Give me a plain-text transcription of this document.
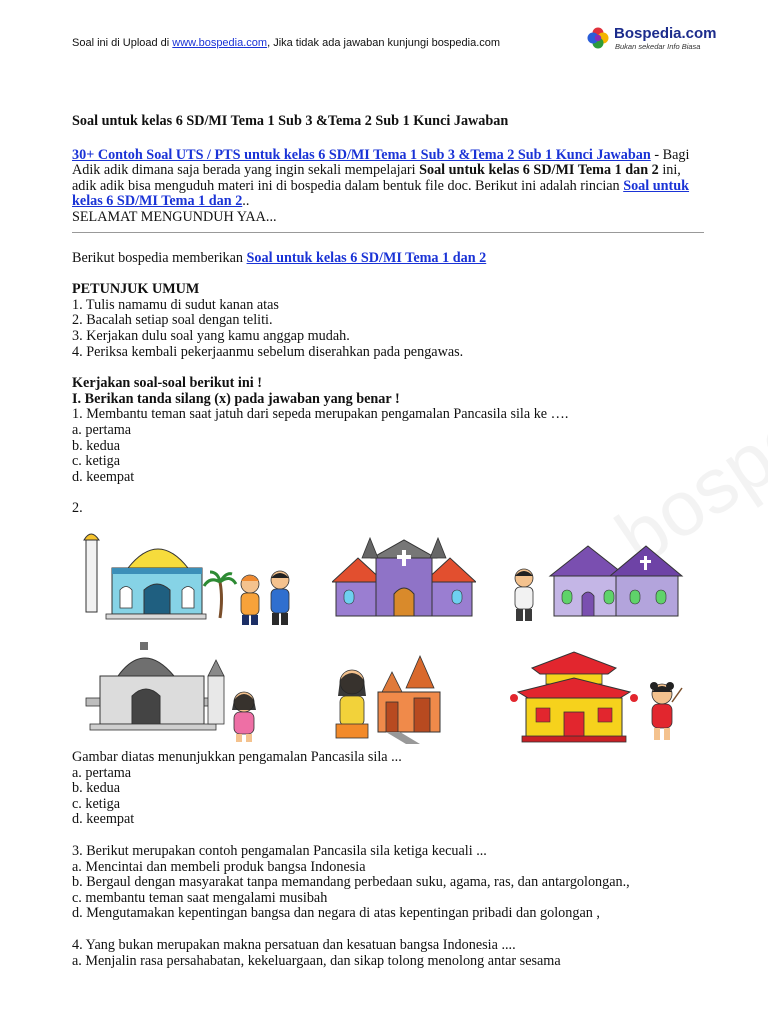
Soal ini di Upload di www.bospedia.com, Jika tidak ada jawaban kunjungi bospedia.com
Bospedia.com
Bukan sekedar Info Biasa

Soal untuk kelas 6 SD/MI Tema 1 Sub 3 &Tema 2 Sub 1 Kunci Jawaban

30+ Contoh Soal UTS / PTS untuk kelas 6 SD/MI Tema 1 Sub 3 &Tema 2 Sub 1 Kunci Jawaban - Bagi Adik adik dimana saja berada yang ingin sekali mempelajari Soal untuk kelas 6 SD/MI Tema 1 dan 2 ini, adik adik bisa menguduh materi ini di bospedia dalam bentuk file doc. Berikut ini adalah rincian Soal untuk kelas 6 SD/MI Tema 1 dan 2..

SELAMAT MENGUNDUH YAA...

Berikut bospedia memberikan Soal untuk kelas 6 SD/MI Tema 1 dan 2

PETUNJUK UMUM

1. Tulis namamu di sudut kanan atas

2. Bacalah setiap soal dengan teliti.

3. Kerjakan dulu soal yang kamu anggap mudah.

4. Periksa kembali pekerjaanmu sebelum diserahkan pada pengawas.

Kerjakan soal-soal berikut ini !

I. Berikan tanda silang (x) pada jawaban yang benar !

1. Membantu teman saat jatuh dari sepeda merupakan pengamalan Pancasila sila ke ….

a. pertama

b. kedua

c. ketiga

d. keempat

2.

Gambar diatas menunjukkan pengamalan Pancasila sila ...

a. pertama

b. kedua

c. ketiga

d. keempat

3. Berikut merupakan contoh pengamalan Pancasila sila ketiga kecuali ...

a. Mencintai dan membeli produk bangsa Indonesia

b. Bergaul dengan masyarakat tanpa memandang perbedaan suku, agama, ras, dan antargolongan.,

c. membantu teman saat mengalami musibah

d. Mengutamakan kepentingan bangsa dan negara di atas kepentingan pribadi dan golongan ,

4. Yang bukan merupakan makna persatuan dan kesatuan bangsa Indonesia ....

a. Menjalin rasa persahabatan, kekeluargaan, dan sikap tolong menolong antar sesama
